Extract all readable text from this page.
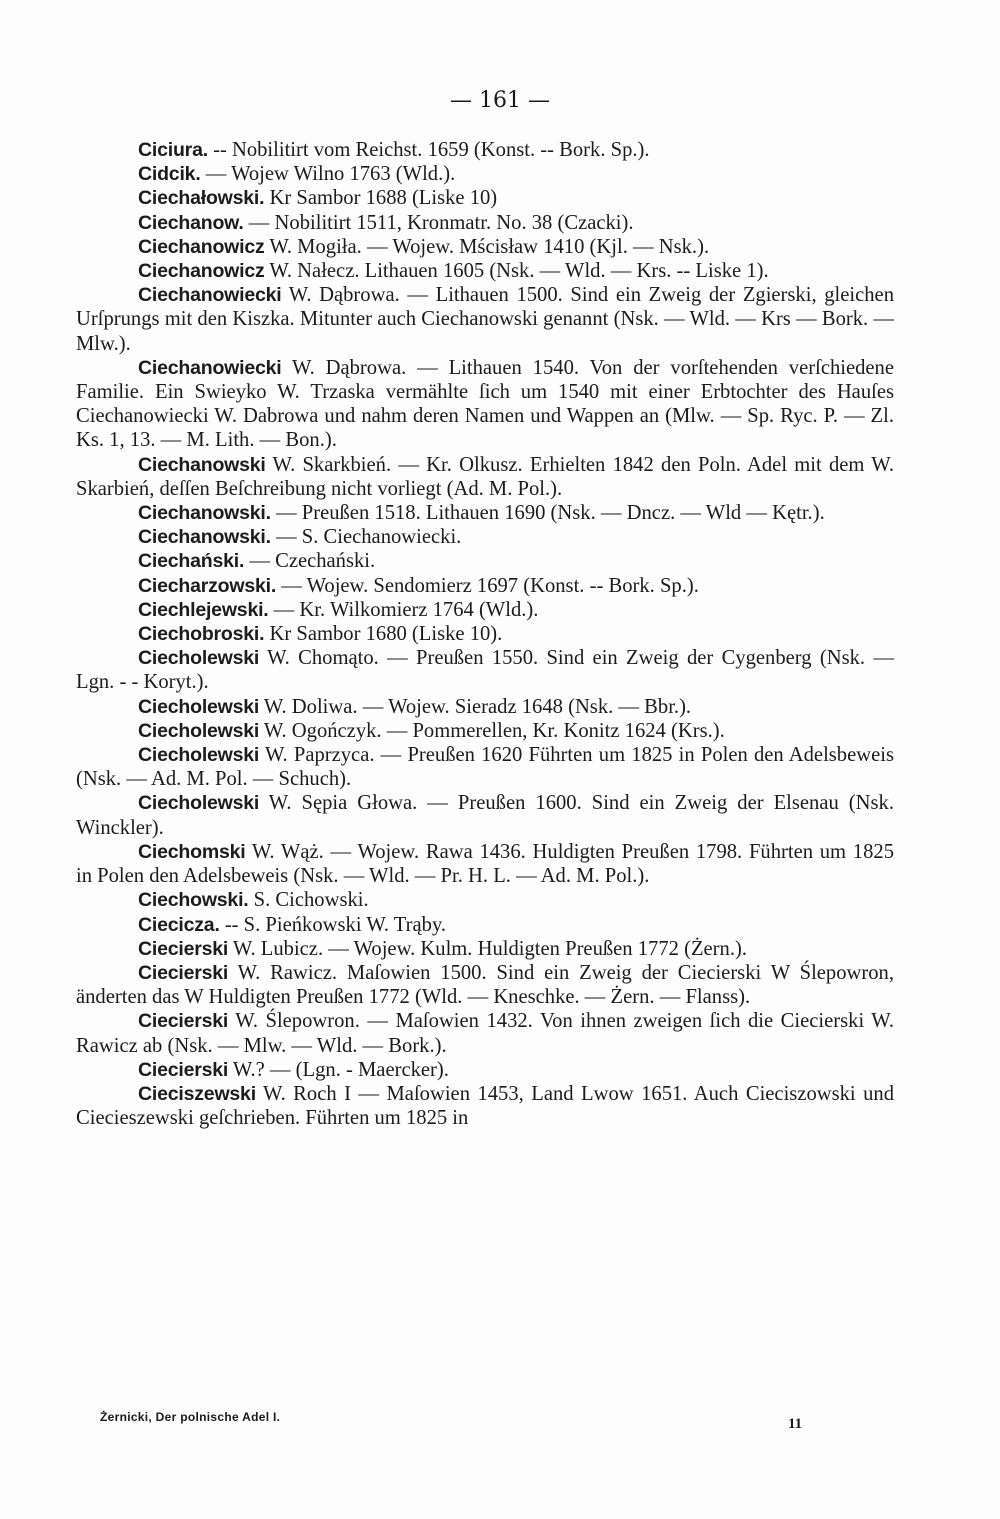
— 161 —

Ciciura. -- Nobilitirt vom Reichst. 1659 (Konst. -- Bork. Sp.).

Cidcik. — Wojew Wilno 1763 (Wld.).

Ciechałowski. Kr Sambor 1688 (Liske 10)

Ciechanow. — Nobilitirt 1511, Kronmatr. No. 38 (Czacki).

Ciechanowicz W. Mogiła. — Wojew. Mścisław 1410 (Kjl. — Nsk.).

Ciechanowicz W. Nałecz. Lithauen 1605 (Nsk. — Wld. — Krs. -- Liske 1).

Ciechanowiecki W. Dąbrowa. — Lithauen 1500. Sind ein Zweig der Zgierski, gleichen Urſprungs mit den Kiszka. Mitunter auch Ciechanowski genannt (Nsk. — Wld. — Krs — Bork. — Mlw.).

Ciechanowiecki W. Dąbrowa. — Lithauen 1540. Von der vorſtehenden verſchiedene Familie. Ein Swieyko W. Trzaska vermählte ſich um 1540 mit einer Erbtochter des Hauſes Ciechanowiecki W. Dabrowa und nahm deren Namen und Wappen an (Mlw. — Sp. Ryc. P. — Zl. Ks. 1, 13. — M. Lith. — Bon.).

Ciechanowski W. Skarkbień. — Kr. Olkusz. Erhielten 1842 den Poln. Adel mit dem W. Skarbień, deſſen Beſchreibung nicht vorliegt (Ad. M. Pol.).

Ciechanowski. — Preußen 1518. Lithauen 1690 (Nsk. — Dncz. — Wld — Kętr.).

Ciechanowski. — S. Ciechanowiecki.

Ciechański. — Czechański.

Ciecharzowski. — Wojew. Sendomierz 1697 (Konst. -- Bork. Sp.).

Ciechlejewski. — Kr. Wilkomierz 1764 (Wld.).

Ciechobroski. Kr Sambor 1680 (Liske 10).

Ciecholewski W. Chomąto. — Preußen 1550. Sind ein Zweig der Cygenberg (Nsk. — Lgn. - - Koryt.).

Ciecholewski W. Doliwa. — Wojew. Sieradz 1648 (Nsk. — Bbr.).

Ciecholewski W. Ogończyk. — Pommerellen, Kr. Konitz 1624 (Krs.).

Ciecholewski W. Paprzyca. — Preußen 1620 Führten um 1825 in Polen den Adelsbeweis (Nsk. — Ad. M. Pol. — Schuch).

Ciecholewski W. Sępia Głowa. — Preußen 1600. Sind ein Zweig der Elsenau (Nsk. Winckler).

Ciechomski W. Wąż. — Wojew. Rawa 1436. Huldigten Preußen 1798. Führten um 1825 in Polen den Adelsbeweis (Nsk. — Wld. — Pr. H. L. — Ad. M. Pol.).

Ciechowski. S. Cichowski.

Ciecicza. -- S. Pieńkowski W. Trąby.

Ciecierski W. Lubicz. — Wojew. Kulm. Huldigten Preußen 1772 (Żern.).

Ciecierski W. Rawicz. Maſowien 1500. Sind ein Zweig der Ciecierski W Ślepowron, änderten das W Huldigten Preußen 1772 (Wld. — Kneschke. — Żern. — Flanss).

Ciecierski W. Ślepowron. — Maſowien 1432. Von ihnen zweigen ſich die Ciecierski W. Rawicz ab (Nsk. — Mlw. — Wld. — Bork.).

Ciecierski W.? — (Lgn. - Maercker).

Cieciszewski W. Roch I — Maſowien 1453, Land Lwow 1651. Auch Cieciszowski und Ciecieszewski geſchrieben. Führten um 1825 in

Żernicki, Der polnische Adel I.	11
